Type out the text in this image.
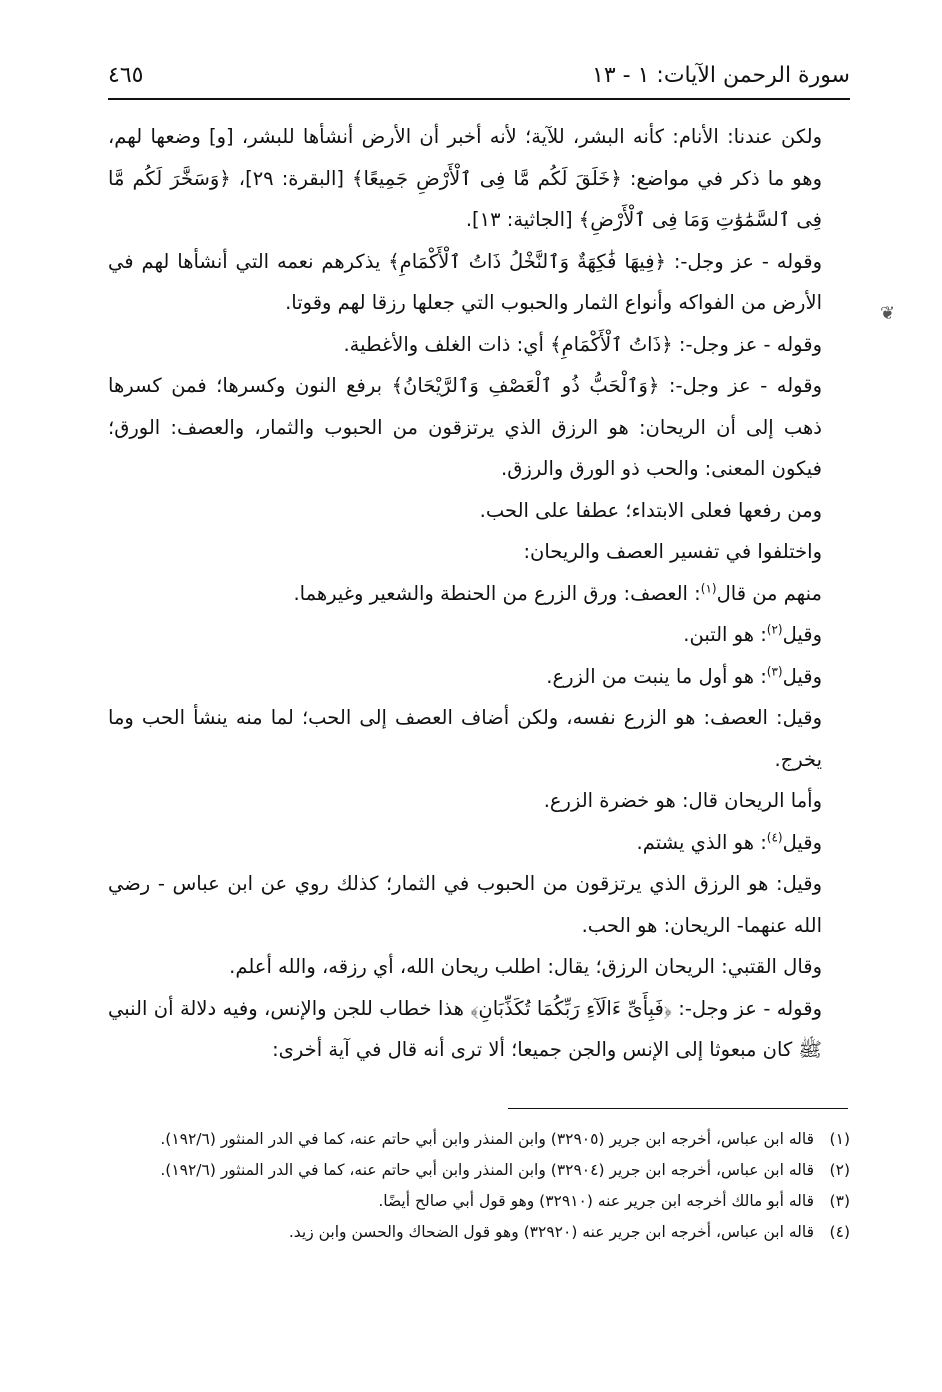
سورة الرحمن الآيات: ١ - ١٣
٤٦٥
❦

ولكن عندنا: الأنام: كأنه البشر، للآية؛ لأنه أخبر أن الأرض أنشأها للبشر، [و] وضعها لهم، وهو ما ذكر في مواضع: ﴿خَلَقَ لَكُم مَّا فِى ٱلْأَرْضِ جَمِيعًا﴾ [البقرة: ٢٩]، ﴿وَسَخَّرَ لَكُم مَّا فِى ٱلسَّمَٰوَٰتِ وَمَا فِى ٱلْأَرْضِ﴾ [الجاثية: ١٣].

وقوله - عز وجل-: ﴿فِيهَا فَٰكِهَةٌ وَٱلنَّخْلُ ذَاتُ ٱلْأَكْمَامِ﴾ يذكرهم نعمه التي أنشأها لهم في الأرض من الفواكه وأنواع الثمار والحبوب التي جعلها رزقا لهم وقوتا.

وقوله - عز وجل-: ﴿ذَاتُ ٱلْأَكْمَامِ﴾ أي: ذات الغلف والأغطية.

وقوله - عز وجل-: ﴿وَٱلْحَبُّ ذُو ٱلْعَصْفِ وَٱلرَّيْحَانُ﴾ برفع النون وكسرها؛ فمن كسرها ذهب إلى أن الريحان: هو الرزق الذي يرتزقون من الحبوب والثمار، والعصف: الورق؛ فيكون المعنى: والحب ذو الورق والرزق.

ومن رفعها فعلى الابتداء؛ عطفا على الحب.

واختلفوا في تفسير العصف والريحان:

منهم من قال$^{(١)}$: العصف: ورق الزرع من الحنطة والشعير وغيرهما.

وقيل$^{(٢)}$: هو التبن.

وقيل$^{(٣)}$: هو أول ما ينبت من الزرع.

وقيل: العصف: هو الزرع نفسه، ولكن أضاف العصف إلى الحب؛ لما منه ينشأ الحب وما يخرج.

وأما الريحان قال: هو خضرة الزرع.

وقيل$^{(٤)}$: هو الذي يشتم.

وقيل: هو الرزق الذي يرتزقون من الحبوب في الثمار؛ كذلك روي عن ابن عباس - رضي الله عنهما- الريحان: هو الحب.

وقال القتبي: الريحان الرزق؛ يقال: اطلب ريحان الله، أي رزقه، والله أعلم.

وقوله - عز وجل-: ﴿فَبِأَىِّ ءَالَآءِ رَبِّكُمَا تُكَذِّبَانِ﴾ هذا خطاب للجن والإنس، وفيه دلالة أن النبي ﷺ كان مبعوثا إلى الإنس والجن جميعا؛ ألا ترى أنه قال في آية أخرى:

(١)
قاله ابن عباس، أخرجه ابن جرير (٣٢٩٠٥) وابن المنذر وابن أبي حاتم عنه، كما في الدر المنثور (١٩٢/٦).
(٢)
قاله ابن عباس، أخرجه ابن جرير (٣٢٩٠٤) وابن المنذر وابن أبي حاتم عنه، كما في الدر المنثور (١٩٢/٦).
(٣)
قاله أبو مالك أخرجه ابن جرير عنه (٣٢٩١٠) وهو قول أبي صالح أيضًا.
(٤)
قاله ابن عباس، أخرجه ابن جرير عنه (٣٢٩٢٠) وهو قول الضحاك والحسن وابن زيد.
